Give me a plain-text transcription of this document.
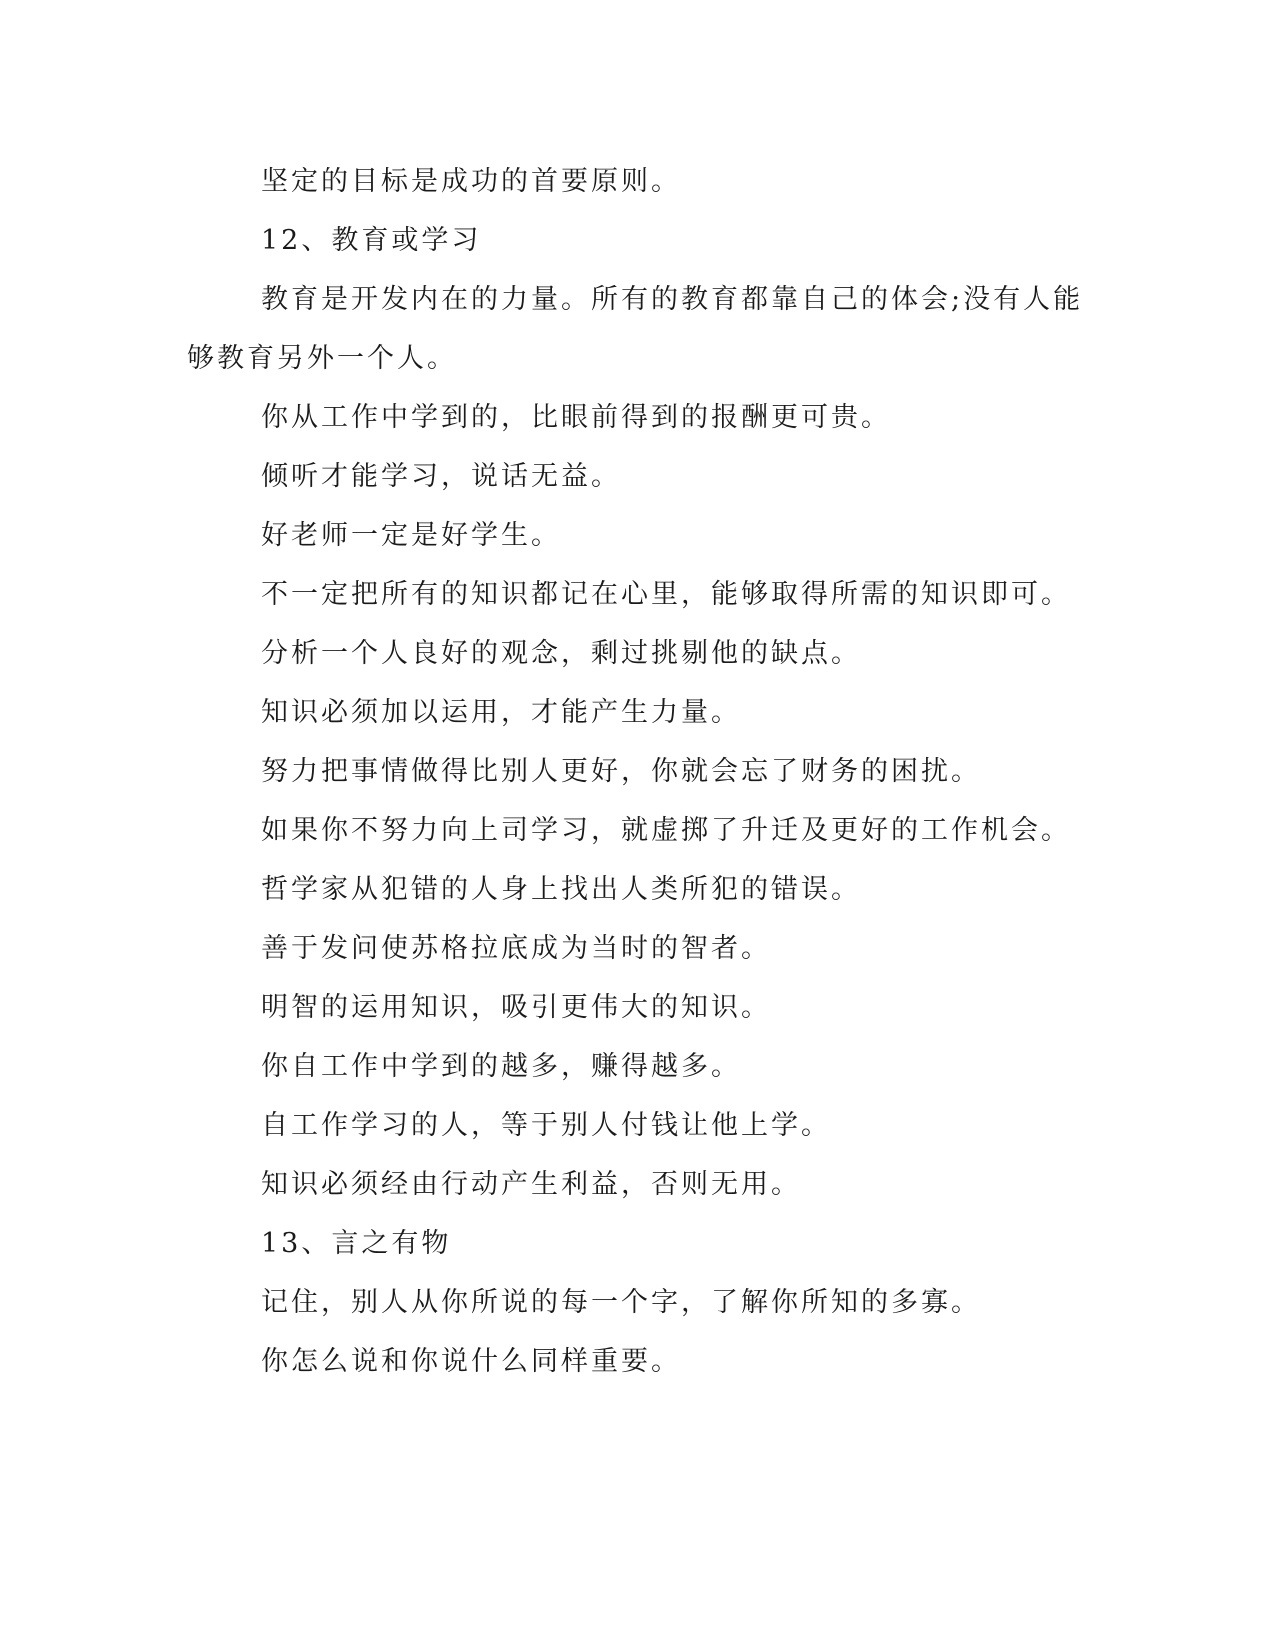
坚定的目标是成功的首要原则。

12、教育或学习

教育是开发内在的力量。所有的教育都靠自己的体会;没有人能够教育另外一个人。

你从工作中学到的，比眼前得到的报酬更可贵。

倾听才能学习，说话无益。

好老师一定是好学生。

不一定把所有的知识都记在心里，能够取得所需的知识即可。

分析一个人良好的观念，剩过挑剔他的缺点。

知识必须加以运用，才能产生力量。

努力把事情做得比别人更好，你就会忘了财务的困扰。

如果你不努力向上司学习，就虚掷了升迁及更好的工作机会。

哲学家从犯错的人身上找出人类所犯的错误。

善于发问使苏格拉底成为当时的智者。

明智的运用知识，吸引更伟大的知识。

你自工作中学到的越多，赚得越多。

自工作学习的人，等于别人付钱让他上学。

知识必须经由行动产生利益，否则无用。

13、言之有物

记住，别人从你所说的每一个字，了解你所知的多寡。

你怎么说和你说什么同样重要。
